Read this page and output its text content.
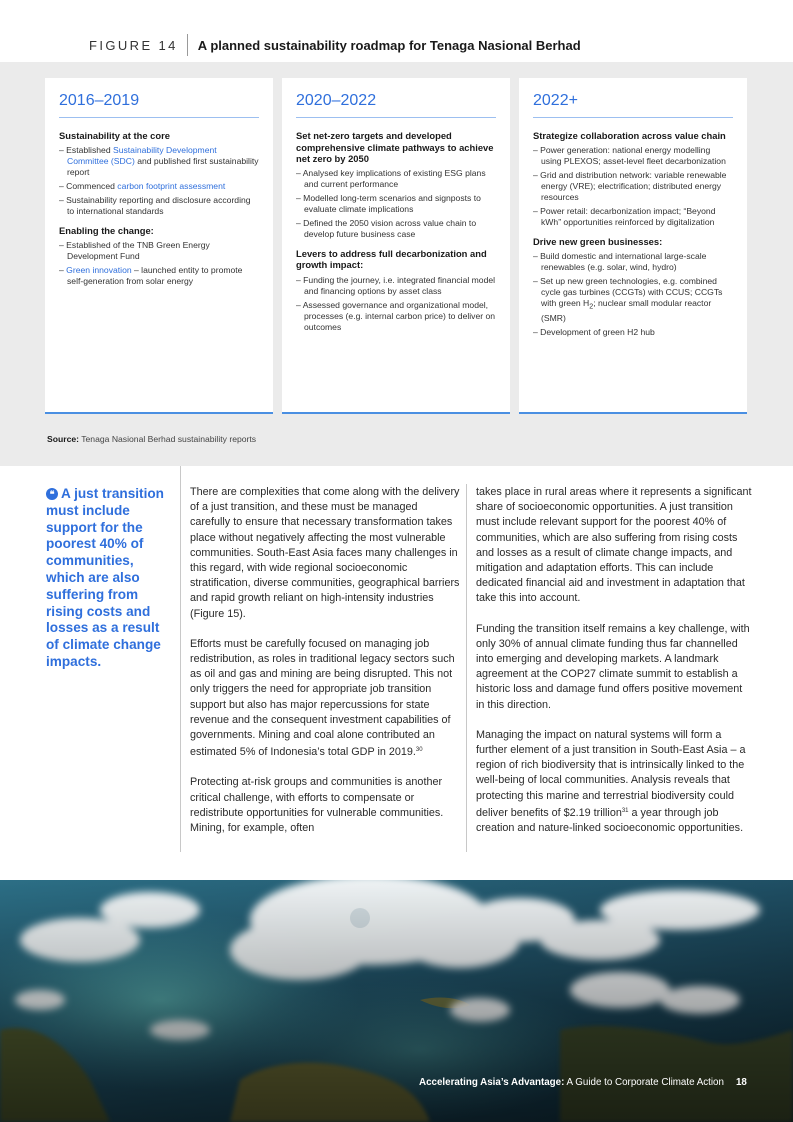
FIGURE 14 A planned sustainability roadmap for Tenaga Nasional Berhad
2016–2019
Sustainability at the core
– Established Sustainability Development Committee (SDC) and published first sustainability report
– Commenced carbon footprint assessment
– Sustainability reporting and disclosure according to international standards
Enabling the change:
– Established of the TNB Green Energy Development Fund
– Green innovation – launched entity to promote self-generation from solar energy
2020–2022
Set net-zero targets and developed comprehensive climate pathways to achieve net zero by 2050
– Analysed key implications of existing ESG plans and current performance
– Modelled long-term scenarios and signposts to evaluate climate implications
– Defined the 2050 vision across value chain to develop future business case
Levers to address full decarbonization and growth impact:
– Funding the journey, i.e. integrated financial model and financing options by asset class
– Assessed governance and organizational model, processes (e.g. internal carbon price) to deliver on outcomes
2022+
Strategize collaboration across value chain
– Power generation: national energy modelling using PLEXOS; asset-level fleet decarbonization
– Grid and distribution network: variable renewable energy (VRE); electrification; distributed energy resources
– Power retail: decarbonization impact; “Beyond kWh” opportunities reinforced by digitalization
Drive new green businesses:
– Build domestic and international large-scale renewables (e.g. solar, wind, hydro)
– Set up new green technologies, e.g. combined cycle gas turbines (CCGTs) with CCUS; CCGTs with green $H_2$; nuclear small modular reactor (SMR)
– Development of green H2 hub
Source: Tenaga Nasional Berhad sustainability reports
❝ A just transition must include support for the poorest 40% of communities, which are also suffering from rising costs and losses as a result of climate change impacts.

There are complexities that come along with the delivery of a just transition, and these must be managed carefully to ensure that necessary transformation takes place without negatively affecting the most vulnerable communities. South-East Asia faces many challenges in this regard, with wide regional socioeconomic stratification, diverse communities, geographical barriers and rapid growth reliant on high-intensity industries (Figure 15).

Efforts must be carefully focused on managing job redistribution, as roles in traditional legacy sectors such as oil and gas and mining are being disrupted. This not only triggers the need for appropriate job transition support but also has major repercussions for state revenue and the consequent investment capabilities of governments. Mining and coal alone contributed an estimated 5% of Indonesia’s total GDP in 2019.30

Protecting at-risk groups and communities is another critical challenge, with efforts to compensate or redistribute opportunities for vulnerable communities. Mining, for example, often

takes place in rural areas where it represents a significant share of socioeconomic opportunities. A just transition must include relevant support for the poorest 40% of communities, which are also suffering from rising costs and losses as a result of climate change impacts, and mitigation and adaptation efforts. This can include dedicated financial aid and investment in adaptation that take this into account.

Funding the transition itself remains a key challenge, with only 30% of annual climate funding thus far channelled into emerging and developing markets. A landmark agreement at the COP27 climate summit to establish a historic loss and damage fund offers positive movement in this direction.

Managing the impact on natural systems will form a further element of a just transition in South-East Asia – a region of rich biodiversity that is intrinsically linked to the well-being of local communities. Analysis reveals that protecting this marine and terrestrial biodiversity could deliver benefits of $2.19 trillion$^{31}$ a year through job creation and nature-linked socioeconomic opportunities.

Accelerating Asia’s Advantage: A Guide to Corporate Climate Action 18
